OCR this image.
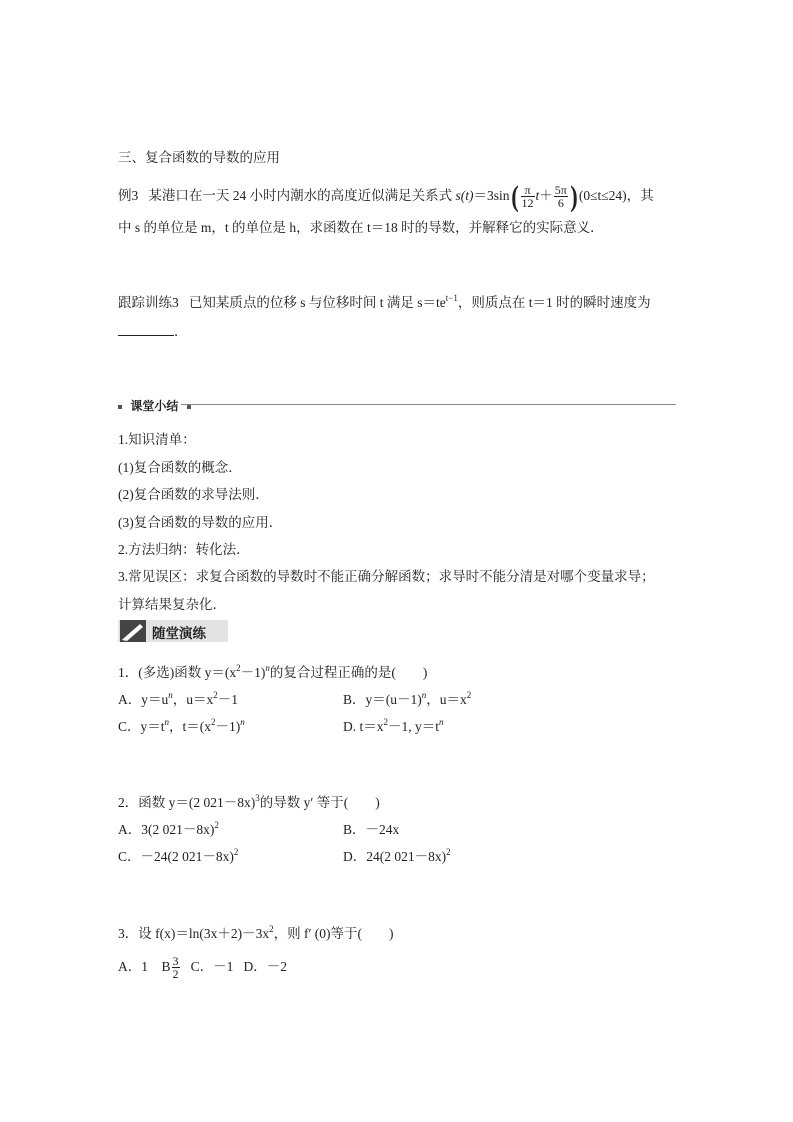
三、复合函数的导数的应用
例3 某港口在一天 24 小时内潮水的高度近似满足关系式 $s(t)=3\sin( \frac{\pi}{12} t+ \frac{5\pi}{6} )(0\le t\le 24)$，其
中 s 的单位是 m，t 的单位是 h，求函数在 t＝18 时的导数，并解释它的实际意义．
跟踪训练3 已知某质点的位移 s 与位移时间 t 满足 $s=te^{t-1}$，则质点在 t＝1 时的瞬时速度为
．
课堂小结
1.知识清单：
(1)复合函数的概念．
(2)复合函数的求导法则．
(3)复合函数的导数的应用．
2.方法归纳：转化法．
3.常见误区：求复合函数的导数时不能正确分解函数；求导时不能分清是对哪个变量求导；
计算结果复杂化．
随堂演练
1．(多选)函数 $y=(x^2-1)^n$的复合过程正确的是(　　)
A．$y=u^n$，$u=x^2-1$	B．$y=(u-1)^n$，$u=x^2$
C．$y=t^n$，$t=(x^2-1)^n$	D. $t=x^2-1$, $y=t^n$
2．函数 y＝(2 021－8x)$^3$的导数 y′ 等于(　　)
A．3(2 021－8x)$^2$	B．－24x
C．－24(2 021－8x)$^2$	D．24(2 021－8x)$^2$
3．设 $f(x)=\ln(3x+2)-3x^2$，则 f′ (0)等于(　　)
A．1 B $\frac{3}{2}$ C．－1 D．－2
